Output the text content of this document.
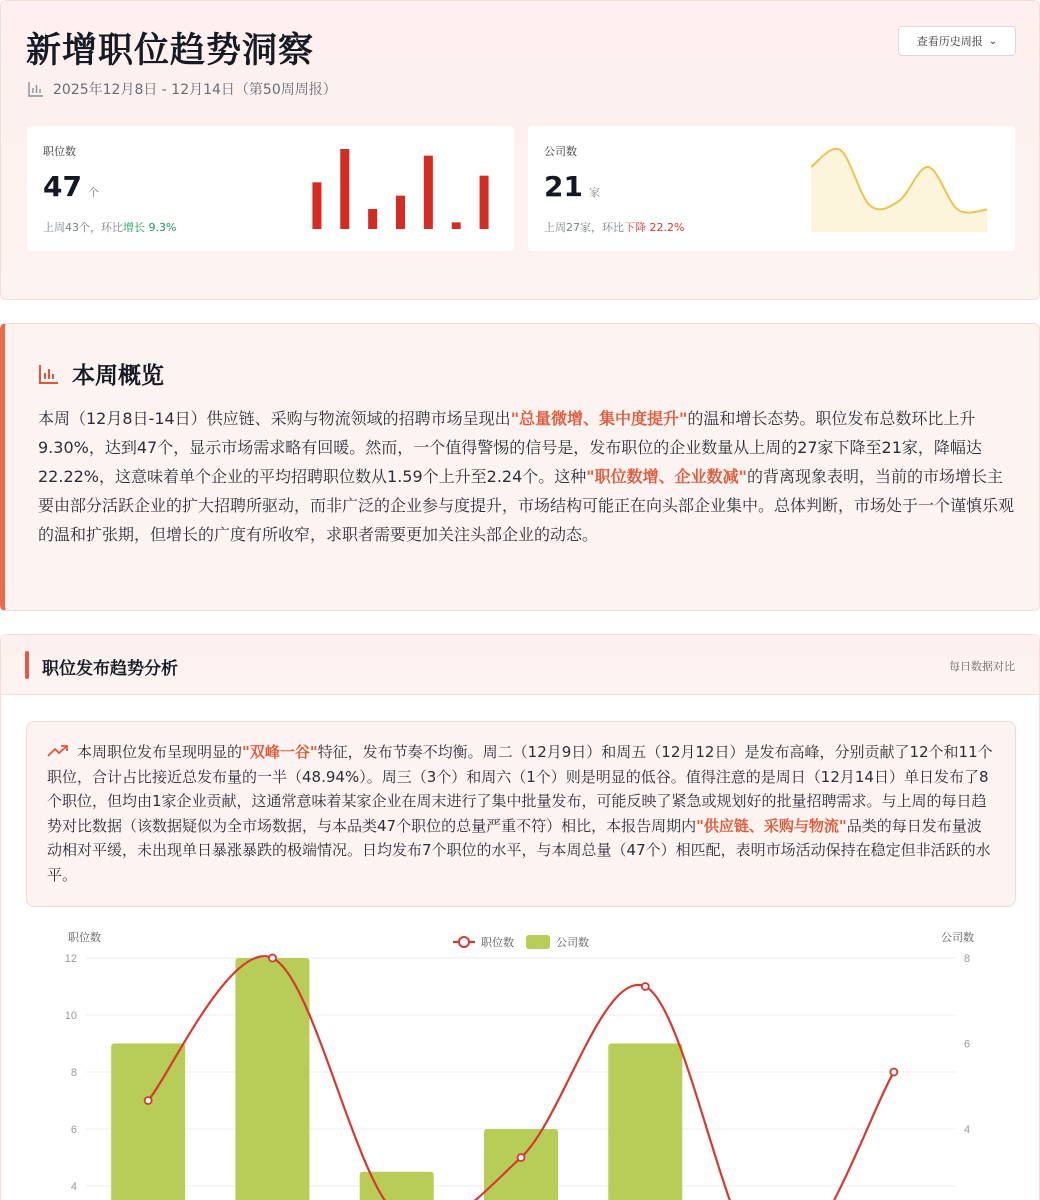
新增职位趋势洞察	查看历史周报 ⌄
2025年12月8日 - 12月14日（第50周周报）
职位数
47 个
上周43个，环比增长 9.3%
公司数
21 家
上周27家，环比下降 22.2%
本周概览
本周（12月8日-14日）供应链、采购与物流领域的招聘市场呈现出"总量微增、集中度提升"的温和增长态势。职位发布总数环比上升9.30%，达到47个，显示市场需求略有回暖。然而，一个值得警惕的信号是，发布职位的企业数量从上周的27家下降至21家，降幅达22.22%，这意味着单个企业的平均招聘职位数从1.59个上升至2.24个。这种"职位数增、企业数减"的背离现象表明，当前的市场增长主要由部分活跃企业的扩大招聘所驱动，而非广泛的企业参与度提升，市场结构可能正在向头部企业集中。总体判断，市场处于一个谨慎乐观的温和扩张期，但增长的广度有所收窄，求职者需要更加关注头部企业的动态。
职位发布趋势分析	每日数据对比
本周职位发布呈现明显的"双峰一谷"特征，发布节奏不均衡。周二（12月9日）和周五（12月12日）是发布高峰，分别贡献了12个和11个职位，合计占比接近总发布量的一半（48.94%）。周三（3个）和周六（1个）则是明显的低谷。值得注意的是周日（12月14日）单日发布了8个职位，但均由1家企业贡献，这通常意味着某家企业在周末进行了集中批量发布，可能反映了紧急或规划好的批量招聘需求。与上周的每日趋势对比数据（该数据疑似为全市场数据，与本品类47个职位的总量严重不符）相比，本报告周期内"供应链、采购与物流"品类的每日发布量波动相对平缓，未出现单日暴涨暴跌的极端情况。日均发布7个职位的水平，与本周总量（47个）相匹配，表明市场活动保持在稳定但非活跃的水平。
12
10
8
6
4
8
6
4
职位数	公司数
职位数	公司数
